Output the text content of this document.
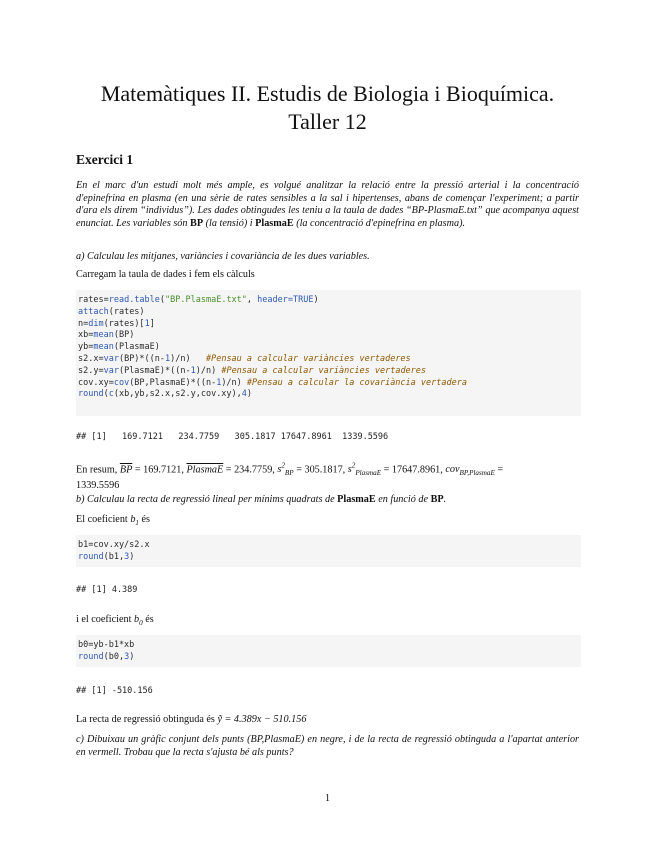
Matemàtiques II. Estudis de Biologia i Bioquímica.
Taller 12
Exercici 1
En el marc d'un estudi molt més ample, es volgué analitzar la relació entre la pressió arterial i la concentració d'epinefrina en plasma (en una sèrie de rates sensibles a la sal i hipertenses, abans de començar l'experiment; a partir d'ara els direm “individus”). Les dades obtingudes les teniu a la taula de dades “BP-PlasmaE.txt” que acompanya aquest enunciat. Les variables són BP (la tensió) i PlasmaE (la concentració d'epinefrina en plasma).
a) Calculau les mitjanes, variàncies i covariància de les dues variables.
Carregam la taula de dades i fem els càlculs
rates=read.table("BP.PlasmaE.txt", header=TRUE)
attach(rates)
n=dim(rates)[1]
xb=mean(BP)
yb=mean(PlasmaE)
s2.x=var(BP)*((n-1)/n)   #Pensau a calcular variàncies vertaderes
s2.y=var(PlasmaE)*((n-1)/n) #Pensau a calcular variàncies vertaderes
cov.xy=cov(BP,PlasmaE)*((n-1)/n) #Pensau a calcular la covariància vertadera
round(c(xb,yb,s2.x,s2.y,cov.xy),4)
## [1]   169.7121   234.7759   305.1817 17647.8961  1339.5596
En resum, $\overline{BP} = 169.7121$, PlasmaE = 234.7759, $s^2_{BP} = 305.1817$, $s^2_{PlasmaE} = 17647.8961$, cov$_{BP,PlasmaE}$ =
1339.5596
b) Calculau la recta de regressió lineal per mínims quadrats de PlasmaE en funció de BP.
El coeficient $b_1$ és
b1=cov.xy/s2.x
round(b1,3)
## [1] 4.389
i el coeficient $b_0$ és
b0=yb-b1*xb
round(b0,3)
## [1] -510.156
La recta de regressió obtinguda és ỹ = 4.389x − 510.156
c) Dibuixau un gràfic conjunt dels punts (BP,PlasmaE) en negre, i de la recta de regressió obtinguda a l'apartat anterior en vermell. Trobau que la recta s'ajusta bé als punts?
1
